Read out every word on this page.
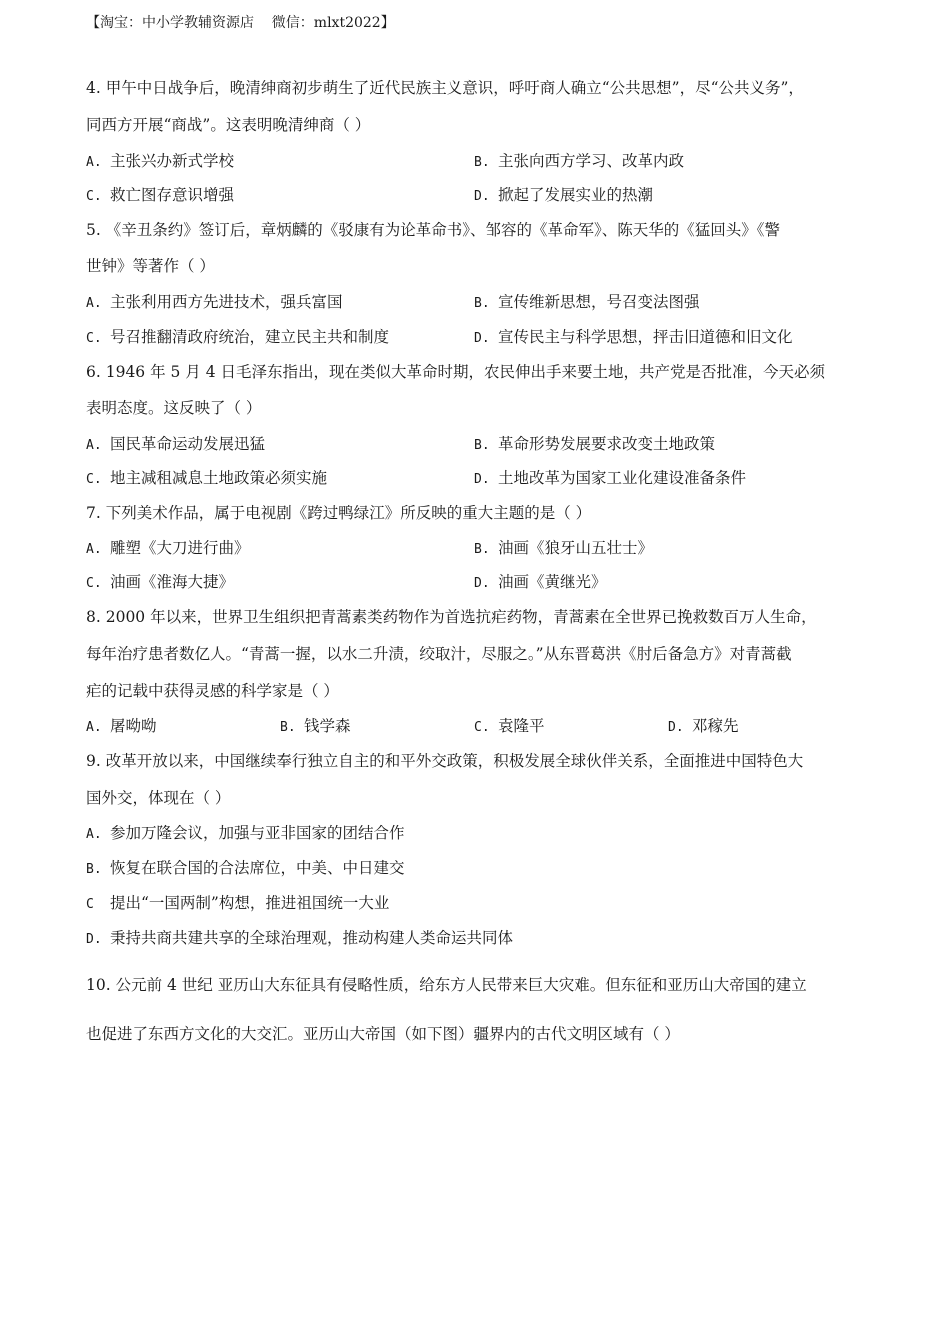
【淘宝：中小学教辅资源店    微信：mlxt2022】
4. 甲午中日战争后，晚清绅商初步萌生了近代民族主义意识，呼吁商人确立“公共思想”，尽“公共义务”，
同西方开展“商战”。这表明晚清绅商（ ）
A. 主张兴办新式学校	B. 主张向西方学习、改革内政
C. 救亡图存意识增强	D. 掀起了发展实业的热潮
5. 《辛丑条约》签订后，章炳麟的《驳康有为论革命书》、邹容的《革命军》、陈天华的《猛回头》《警
世钟》等著作（ ）
A. 主张利用西方先进技术，强兵富国	B. 宣传维新思想，号召变法图强
C. 号召推翻清政府统治，建立民主共和制度	D. 宣传民主与科学思想，抨击旧道德和旧文化
6. 1946 年 5 月 4 日毛泽东指出，现在类似大革命时期，农民伸出手来要土地，共产党是否批准，今天必须
表明态度。这反映了（ ）
A. 国民革命运动发展迅猛	B. 革命形势发展要求改变土地政策
C. 地主减租减息土地政策必须实施	D. 土地改革为国家工业化建设准备条件
7. 下列美术作品，属于电视剧《跨过鸭绿江》所反映的重大主题的是（ ）
A. 雕塑《大刀进行曲》	B. 油画《狼牙山五壮士》
C. 油画《淮海大捷》	D. 油画《黄继光》
8. 2000 年以来，世界卫生组织把青蒿素类药物作为首选抗疟药物，青蒿素在全世界已挽救数百万人生命，
每年治疗患者数亿人。“青蒿一握，以水二升渍，绞取汁，尽服之。”从东晋葛洪《肘后备急方》对青蒿截
疟的记载中获得灵感的科学家是（ ）
A. 屠呦呦	B. 钱学森	C. 袁隆平	D. 邓稼先
9. 改革开放以来，中国继续奉行独立自主的和平外交政策，积极发展全球伙伴关系，全面推进中国特色大
国外交，体现在（ ）
A. 参加万隆会议，加强与亚非国家的团结合作
B. 恢复在联合国的合法席位，中美、中日建交
C 提出“一国两制”构想，推进祖国统一大业
D. 秉持共商共建共享的全球治理观，推动构建人类命运共同体
10. 公元前 4 世纪 亚历山大东征具有侵略性质，给东方人民带来巨大灾难。但东征和亚历山大帝国的建立
也促进了东西方文化的大交汇。亚历山大帝国（如下图）疆界内的古代文明区域有（ ）
